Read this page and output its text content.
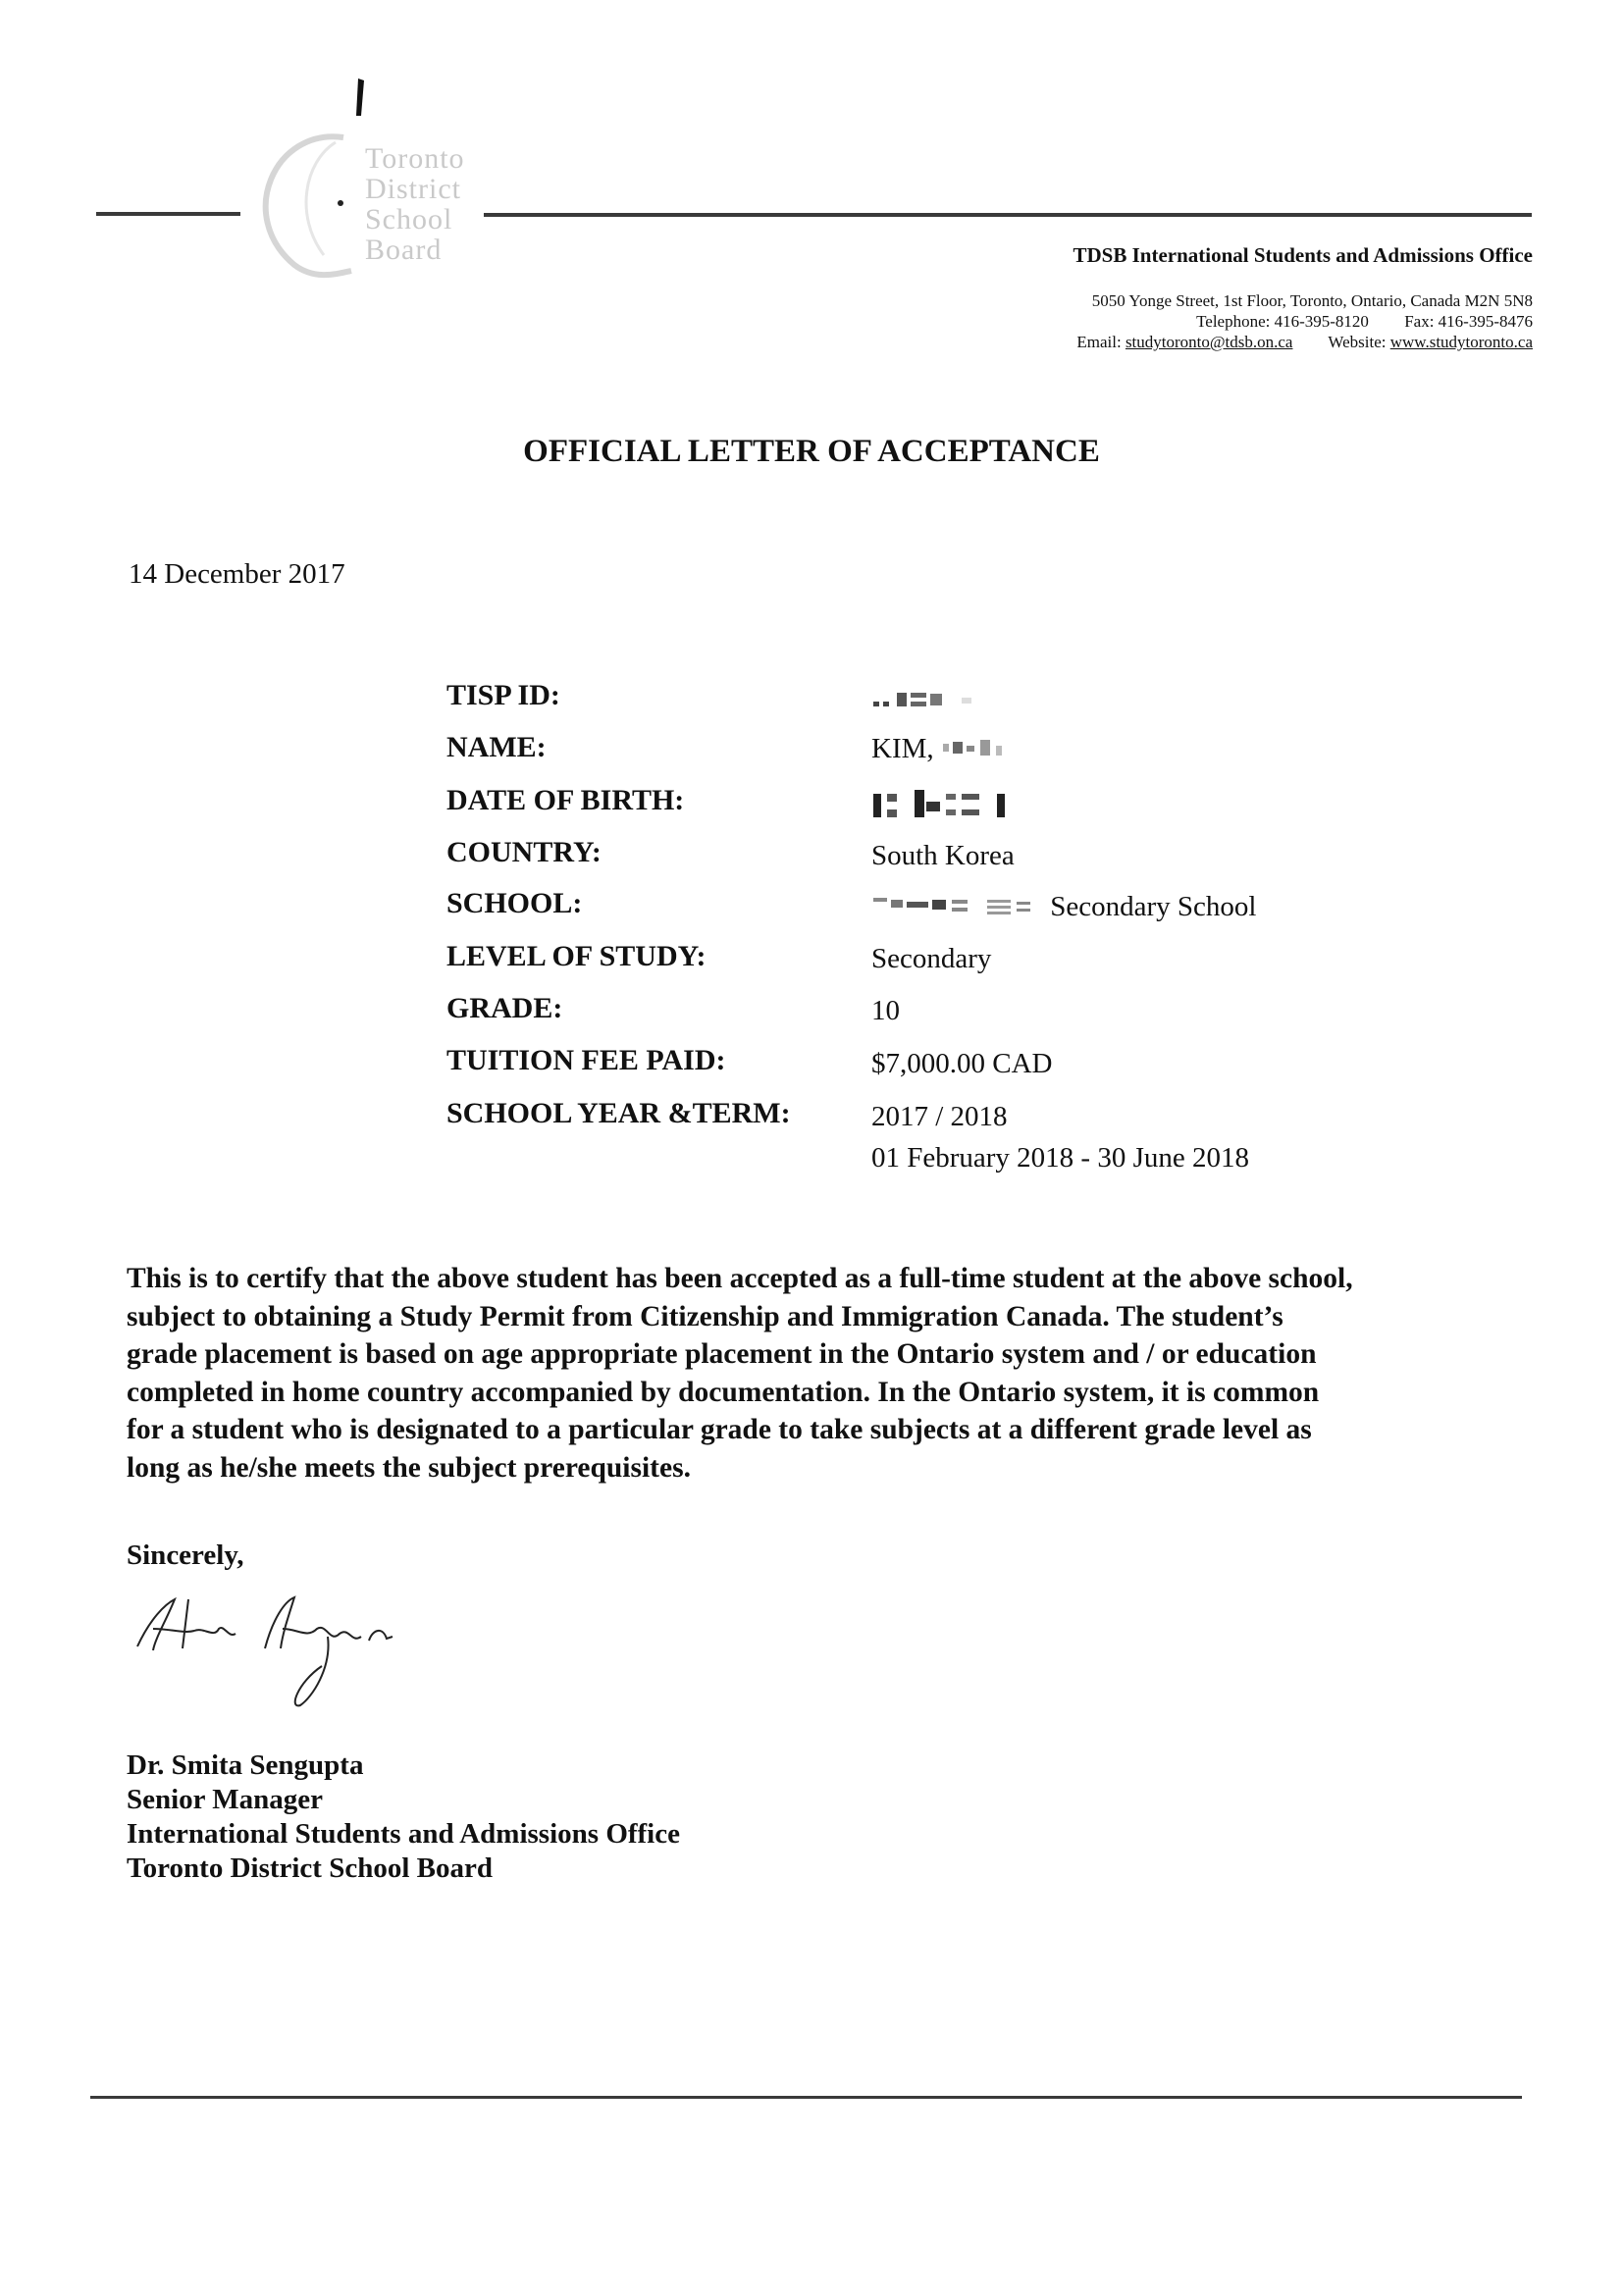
Toronto
District
School
Board	TDSB International Students and Admissions Office
5050 Yonge Street, 1st Floor, Toronto, Ontario, Canada M2N 5N8
Telephone: 416-395-8120 Fax: 416-395-8476
Email: studytoronto@tdsb.on.ca Website: www.studytoronto.ca
OFFICIAL LETTER OF ACCEPTANCE
14 December 2017
TISP ID:
NAME:	KIM,
DATE OF BIRTH:
COUNTRY:	South Korea
SCHOOL:	Secondary School
LEVEL OF STUDY:	Secondary
GRADE:	10
TUITION FEE PAID:	$7,000.00 CAD
SCHOOL YEAR &TERM:	2017 / 2018
01 February 2018 - 30 June 2018
This is to certify that the above student has been accepted as a full-time student at the above school,
subject to obtaining a Study Permit from Citizenship and Immigration Canada. The student’s
grade placement is based on age appropriate placement in the Ontario system and / or education
completed in home country accompanied by documentation. In the Ontario system, it is common
for a student who is designated to a particular grade to take subjects at a different grade level as
long as he/she meets the subject prerequisites.
Sincerely,
Dr. Smita Sengupta
Senior Manager
International Students and Admissions Office
Toronto District School Board
